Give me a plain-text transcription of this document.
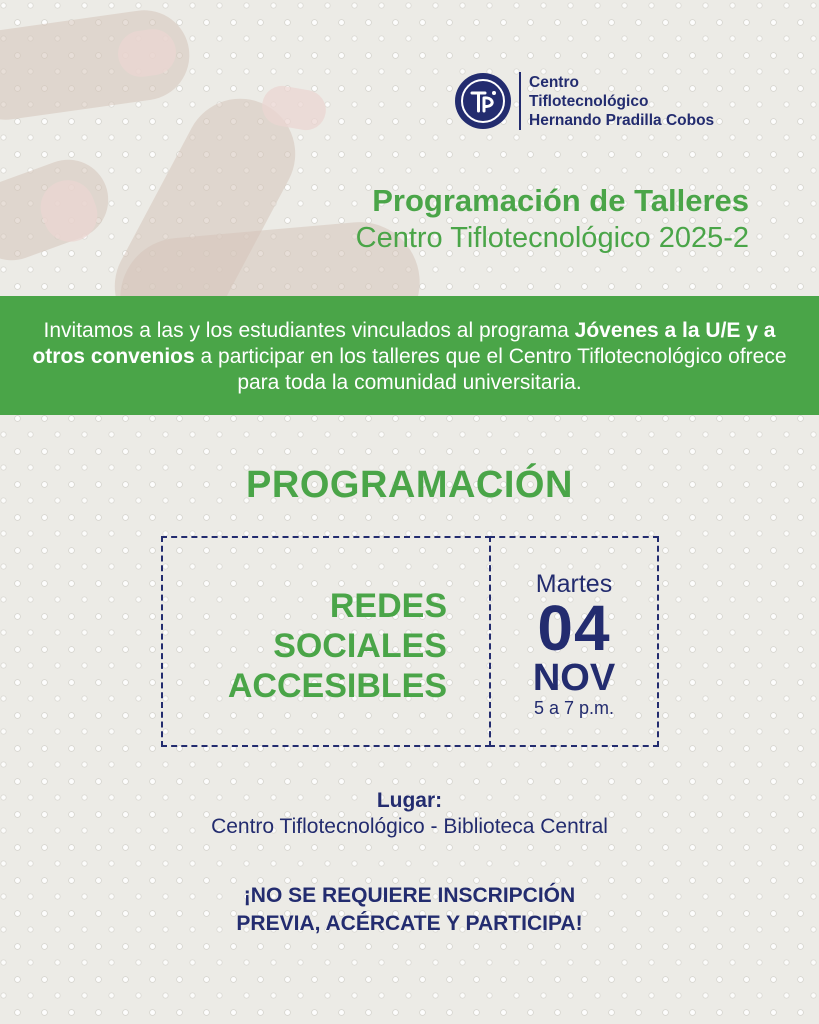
Centro
Tiflotecnológico
Hernando Pradilla Cobos
Programación de Talleres
Centro Tiflotecnológico 2025-2
Invitamos a las y los estudiantes vinculados al programa Jóvenes a la U/E y a otros convenios a participar en los talleres que el Centro Tiflotecnológico ofrece para toda la comunidad universitaria.
PROGRAMACIÓN
REDES
SOCIALES
ACCESIBLES
Martes
04
NOV
5 a 7 p.m.
Lugar:
Centro Tiflotecnológico - Biblioteca Central
¡NO SE REQUIERE INSCRIPCIÓN
PREVIA, ACÉRCATE Y PARTICIPA!
